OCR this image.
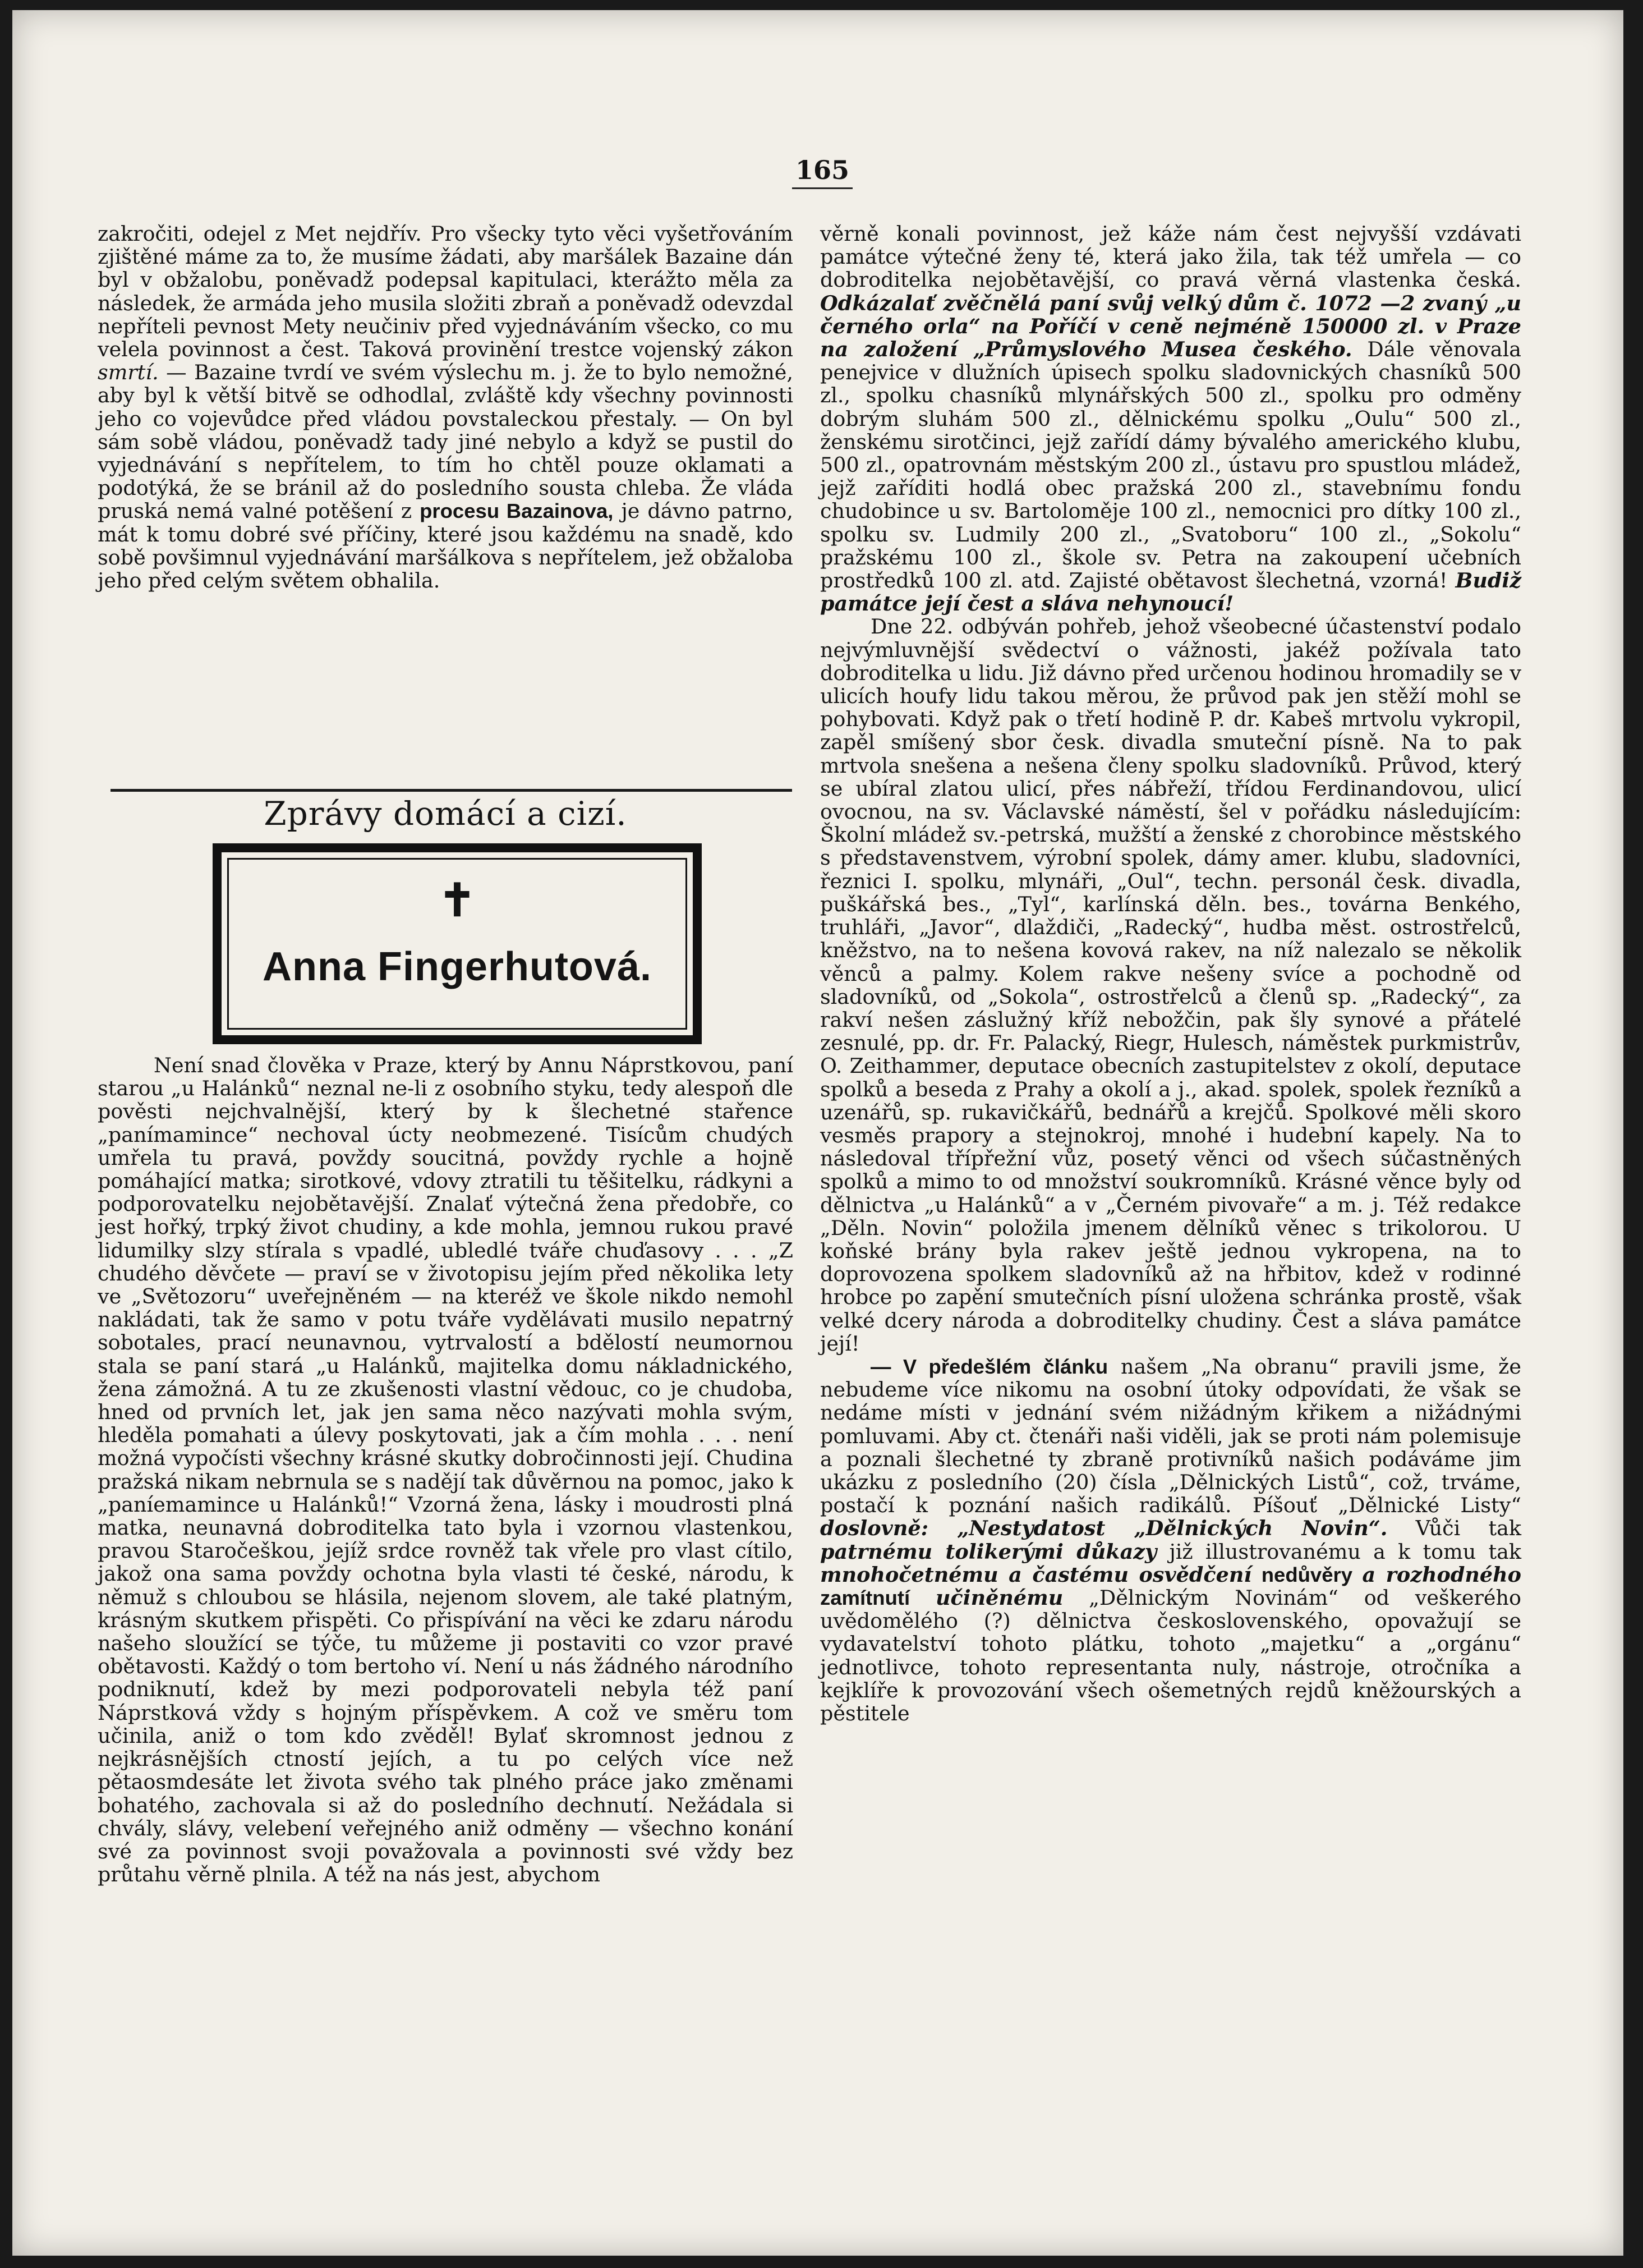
165

zakročiti, odejel z Met nejdřív. Pro všecky tyto věci vyšetřováním zjištěné máme za to, že musíme žádati, aby maršálek Bazaine dán byl v obžalobu, poněvadž podepsal kapitulaci, kterážto měla za následek, že armáda jeho musila složiti zbraň a poněvadž odevzdal nepříteli pevnost Mety neučiniv před vyjednáváním všecko, co mu velela povinnost a čest. Taková provinění trestce vojenský zákon smrtí. — Bazaine tvrdí ve svém výslechu m. j. že to bylo nemožné, aby byl k větší bitvě se odhodlal, zvláště kdy všechny povinnosti jeho co vojevůdce před vládou povstaleckou přestaly. — On byl sám sobě vládou, poněvadž tady jiné nebylo a když se pustil do vyjednávání s nepřítelem, to tím ho chtěl pouze oklamati a podotýká, že se bránil až do posledního sousta chleba. Že vláda pruská nemá valné potěšení z procesu Bazainova, je dávno patrno, mát k tomu dobré své příčiny, které jsou každému na snadě, kdo sobě povšimnul vyjednávání maršálkova s nepřítelem, jež obžaloba jeho před celým světem obhalila.

Zprávy domácí a cizí.
✝
Anna Fingerhutová.

Není snad člověka v Praze, který by Annu Náprstkovou, paní starou „u Halánků“ neznal ne-li z osobního styku, tedy alespoň dle pověsti nejchvalnější, který by k šlechetné stařence „panímamince“ nechoval úcty neobmezené. Tisícům chudých umřela tu pravá, povždy soucitná, povždy rychle a hojně pomáhající matka; sirotkové, vdovy ztratili tu těšitelku, rádkyni a podporovatelku nejobětavější. Znalať výtečná žena předobře, co jest hořký, trpký život chudiny, a kde mohla, jemnou rukou pravé lidumilky slzy stírala s vpadlé, ubledlé tváře chuďasovy . . . „Z chudého děvčete — praví se v životopisu jejím před několika lety ve „Světozoru“ uveřejněném — na kteréž ve škole nikdo nemohl nakládati, tak že samo v potu tváře vydělávati musilo nepatrný sobotales, prací neunavnou, vytrvalostí a bdělostí neumornou stala se paní stará „u Halánků, majitelka domu nákladnického, žena zámožná. A tu ze zkušenosti vlastní vědouc, co je chudoba, hned od prvních let, jak jen sama něco nazývati mohla svým, hleděla pomahati a úlevy poskytovati, jak a čím mohla . . . není možná vypočísti všechny krásné skutky dobročinnosti její. Chudina pražská nikam nebrnula se s nadějí tak důvěrnou na pomoc, jako k „paníemamince u Halánků!“ Vzorná žena, lásky i moudrosti plná matka, neunavná dobroditelka tato byla i vzornou vlastenkou, pravou Staročeškou, jejíž srdce rovněž tak vřele pro vlast cítilo, jakož ona sama povždy ochotna byla vlasti té české, národu, k němuž s chloubou se hlásila, nejenom slovem, ale také platným, krásným skutkem přispěti. Co přispívání na věci ke zdaru národu našeho sloužící se týče, tu můžeme ji postaviti co vzor pravé obětavosti. Každý o tom bertoho ví. Není u nás žádného národního podniknutí, kdež by mezi podporovateli nebyla též paní Náprstková vždy s hojným příspěvkem. A což ve směru tom učinila, aniž o tom kdo zvěděl! Bylať skromnost jednou z nejkrásnějších ctností jejích, a tu po celých více než pětaosmdesáte let života svého tak plného práce jako změnami bohatého, zachovala si až do posledního dechnutí. Nežádala si chvály, slávy, velebení veřejného aniž odměny — všechno konání své za povinnost svoji považovala a povinnosti své vždy bez průtahu věrně plnila. A též na nás jest, abychom

věrně konali povinnost, jež káže nám čest nejvyšší vzdávati památce výtečné ženy té, která jako žila, tak též umřela — co dobroditelka nejobětavější, co pravá věrná vlastenka česká. Odkázalať zvěčnělá paní svůj velký dům č. 1072 —2 zvaný „u černého orla“ na Poříčí v ceně nejméně 150000 zl. v Praze na založení „Průmyslového Musea českého. Dále věnovala penejvice v dlužních úpisech spolku sladovnických chasníků 500 zl., spolku chasníků mlynářských 500 zl., spolku pro odměny dobrým sluhám 500 zl., dělnickému spolku „Oulu“ 500 zl., ženskému sirotčinci, jejž zařídí dámy bývalého amerického klubu, 500 zl., opatrovnám městským 200 zl., ústavu pro spustlou mládež, jejž zaříditi hodlá obec pražská 200 zl., stavebnímu fondu chudobince u sv. Bartoloměje 100 zl., nemocnici pro dítky 100 zl., spolku sv. Ludmily 200 zl., „Svatoboru“ 100 zl., „Sokolu“ pražskému 100 zl., škole sv. Petra na zakoupení učebních prostředků 100 zl. atd. Zajisté obětavost šlechetná, vzorná! Budiž památce její čest a sláva nehynoucí!

Dne 22. odbýván pohřeb, jehož všeobecné účastenství podalo nejvýmluvnější svědectví o vážnosti, jakéž požívala tato dobroditelka u lidu. Již dávno před určenou hodinou hromadily se v ulicích houfy lidu takou měrou, že průvod pak jen stěží mohl se pohybovati. Když pak o třetí hodině P. dr. Kabeš mrtvolu vykropil, zapěl smíšený sbor česk. divadla smuteční písně. Na to pak mrtvola snešena a nešena členy spolku sladovníků. Průvod, který se ubíral zlatou ulicí, přes nábřeží, třídou Ferdinandovou, ulicí ovocnou, na sv. Václavské náměstí, šel v pořádku následujícím: Školní mládež sv.-petrská, mužští a ženské z chorobince městského s představenstvem, výrobní spolek, dámy amer. klubu, sladovníci, řeznici I. spolku, mlynáři, „Oul“, techn. personál česk. divadla, puškářská bes., „Tyl“, karlínská děln. bes., továrna Benkého, truhláři, „Javor“, dlaždiči, „Radecký“, hudba měst. ostrostřelců, kněžstvo, na to nešena kovová rakev, na níž nalezalo se několik věnců a palmy. Kolem rakve nešeny svíce a pochodně od sladovníků, od „Sokola“, ostrostřelců a členů sp. „Radecký“, za rakví nešen záslužný kříž nebožčin, pak šly synové a přátelé zesnulé, pp. dr. Fr. Palacký, Riegr, Hulesch, náměstek purkmistrův, O. Zeithammer, deputace obecních zastupitelstev z okolí, deputace spolků a beseda z Prahy a okolí a j., akad. spolek, spolek řezníků a uzenářů, sp. rukavičkářů, bednářů a krejčů. Spolkové měli skoro vesměs prapory a stejnokroj, mnohé i hudební kapely. Na to následoval třípřežní vůz, posetý věnci od všech súčastněných spolků a mimo to od množství soukromníků. Krásné věnce byly od dělnictva „u Halánků“ a v „Černém pivovaře“ a m. j. Též redakce „Děln. Novin“ položila jmenem dělníků věnec s trikolorou. U koňské brány byla rakev ještě jednou vykropena, na to doprovozena spolkem sladovníků až na hřbitov, kdež v rodinné hrobce po zapění smutečních písní uložena schránka prostě, však velké dcery národa a dobroditelky chudiny. Čest a sláva památce její!

— V předešlém článku našem „Na obranu“ pravili jsme, že nebudeme více nikomu na osobní útoky odpovídati, že však se nedáme místi v jednání svém nižádným křikem a nižádnými pomluvami. Aby ct. čtenáři naši viděli, jak se proti nám polemisuje a poznali šlechetné ty zbraně protivníků našich podáváme jim ukázku z posledního (20) čísla „Dělnických Listů“, což, trváme, postačí k poznání našich radikálů. Píšouť „Dělnické Listy“ doslovně: „Nestydatost „Dělnických Novin“. Vůči tak patrnému tolikerými důkazy již illustrovanému a k tomu tak mnohočetnému a častému osvědčení nedůvěry a rozhodného zamítnutí učiněnému „Dělnickým Novinám“ od veškerého uvědomělého (?) dělnictva československého, opovažují se vydavatelství tohoto plátku, tohoto „majetku“ a „orgánu“ jednotlivce, tohoto representanta nuly, nástroje, otročníka a kejklíře k provozování všech ošemetných rejdů kněžourských a pěstitele
